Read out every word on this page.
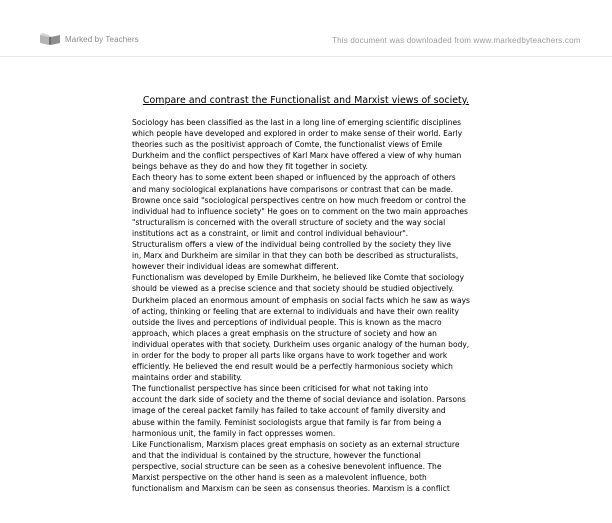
Marked by Teachers	This document was downloaded from www.markedbyteachers.com
Compare and contrast the Functionalist and Marxist views of society.
Sociology has been classified as the last in a long line of emerging scientific disciplines
which people have developed and explored in order to make sense of their world. Early
theories such as the positivist approach of Comte, the functionalist views of Emile
Durkheim and the conflict perspectives of Karl Marx have offered a view of why human
beings behave as they do and how they fit together in society.
Each theory has to some extent been shaped or influenced by the approach of others
and many sociological explanations have comparisons or contrast that can be made.
Browne once said "sociological perspectives centre on how much freedom or control the
individual had to influence society" He goes on to comment on the two main approaches
"structuralism is concerned with the overall structure of society and the way social
institutions act as a constraint, or limit and control individual behaviour".
Structuralism offers a view of the individual being controlled by the society they live
in, Marx and Durkheim are similar in that they can both be described as structuralists,
however their individual ideas are somewhat different.
Functionalism was developed by Emile Durkheim, he believed like Comte that sociology
should be viewed as a precise science and that society should be studied objectively.
Durkheim placed an enormous amount of emphasis on social facts which he saw as ways
of acting, thinking or feeling that are external to individuals and have their own reality
outside the lives and perceptions of individual people. This is known as the macro
approach, which places a great emphasis on the structure of society and how an
individual operates with that society. Durkheim uses organic analogy of the human body,
in order for the body to proper all parts like organs have to work together and work
efficiently. He believed the end result would be a perfectly harmonious society which
maintains order and stability.
The functionalist perspective has since been criticised for what not taking into
account the dark side of society and the theme of social deviance and isolation. Parsons
image of the cereal packet family has failed to take account of family diversity and
abuse within the family. Feminist sociologists argue that family is far from being a
harmonious unit, the family in fact oppresses women.
Like Functionalism, Marxism places great emphasis on society as an external structure
and that the individual is contained by the structure, however the functional
perspective, social structure can be seen as a cohesive benevolent influence. The
Marxist perspective on the other hand is seen as a malevolent influence, both
functionalism and Marxism can be seen as consensus theories. Marxism is a conflict
